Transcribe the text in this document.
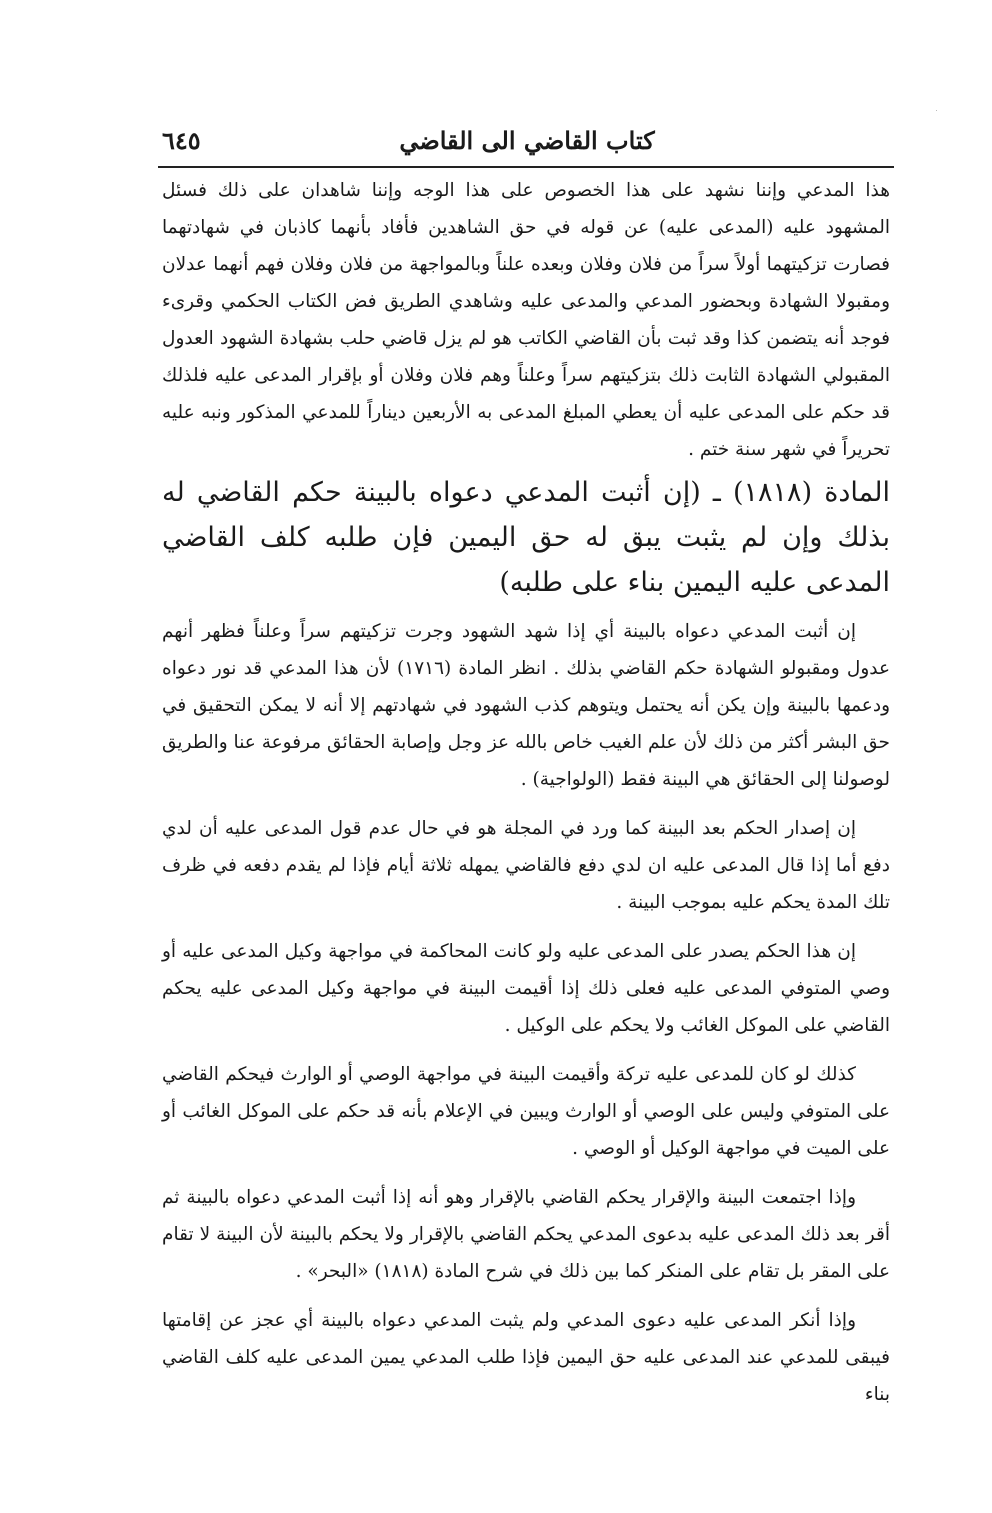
كتاب القاضي الى القاضي
٦٤٥

هذا المدعي وإننا نشهد على هذا الخصوص على هذا الوجه وإننا شاهدان على ذلك فسئل المشهود عليه (المدعى عليه) عن قوله في حق الشاهدين فأفاد بأنهما كاذبان في شهادتهما فصارت تزكيتهما أولاً سراً من فلان وفلان وبعده علناً وبالمواجهة من فلان وفلان فهم أنهما عدلان ومقبولا الشهادة وبحضور المدعي والمدعى عليه وشاهدي الطريق فض الكتاب الحكمي وقرىء فوجد أنه يتضمن كذا وقد ثبت بأن القاضي الكاتب هو لم يزل قاضي حلب بشهادة الشهود العدول المقبولي الشهادة الثابت ذلك بتزكيتهم سراً وعلناً وهم فلان وفلان أو بإقرار المدعى عليه فلذلك قد حكم على المدعى عليه أن يعطي المبلغ المدعى به الأربعين ديناراً للمدعي المذكور ونبه عليه تحريراً في شهر سنة ختم .

المادة (١٨١٨) ـ (إن أثبت المدعي دعواه بالبينة حكم القاضي له بذلك وإن لم يثبت يبق له حق اليمين فإن طلبه كلف القاضي المدعى عليه اليمين بناء على طلبه)

إن أثبت المدعي دعواه بالبينة أي إذا شهد الشهود وجرت تزكيتهم سراً وعلناً فظهر أنهم عدول ومقبولو الشهادة حكم القاضي بذلك . انظر المادة (١٧١٦) لأن هذا المدعي قد نور دعواه ودعمها بالبينة وإن يكن أنه يحتمل ويتوهم كذب الشهود في شهادتهم إلا أنه لا يمكن التحقيق في حق البشر أكثر من ذلك لأن علم الغيب خاص بالله عز وجل وإصابة الحقائق مرفوعة عنا والطريق لوصولنا إلى الحقائق هي البينة فقط (الولواجية) .

إن إصدار الحكم بعد البينة كما ورد في المجلة هو في حال عدم قول المدعى عليه أن لدي دفع أما إذا قال المدعى عليه ان لدي دفع فالقاضي يمهله ثلاثة أيام فإذا لم يقدم دفعه في ظرف تلك المدة يحكم عليه بموجب البينة .

إن هذا الحكم يصدر على المدعى عليه ولو كانت المحاكمة في مواجهة وكيل المدعى عليه أو وصي المتوفي المدعى عليه فعلى ذلك إذا أقيمت البينة في مواجهة وكيل المدعى عليه يحكم القاضي على الموكل الغائب ولا يحكم على الوكيل .

كذلك لو كان للمدعى عليه تركة وأقيمت البينة في مواجهة الوصي أو الوارث فيحكم القاضي على المتوفي وليس على الوصي أو الوارث ويبين في الإعلام بأنه قد حكم على الموكل الغائب أو على الميت في مواجهة الوكيل أو الوصي .

وإذا اجتمعت البينة والإقرار يحكم القاضي بالإقرار وهو أنه إذا أثبت المدعي دعواه بالبينة ثم أقر بعد ذلك المدعى عليه بدعوى المدعي يحكم القاضي بالإقرار ولا يحكم بالبينة لأن البينة لا تقام على المقر بل تقام على المنكر كما بين ذلك في شرح المادة (١٨١٨) «البحر» .

وإذا أنكر المدعى عليه دعوى المدعي ولم يثبت المدعي دعواه بالبينة أي عجز عن إقامتها فيبقى للمدعي عند المدعى عليه حق اليمين فإذا طلب المدعي يمين المدعى عليه كلف القاضي بناء
